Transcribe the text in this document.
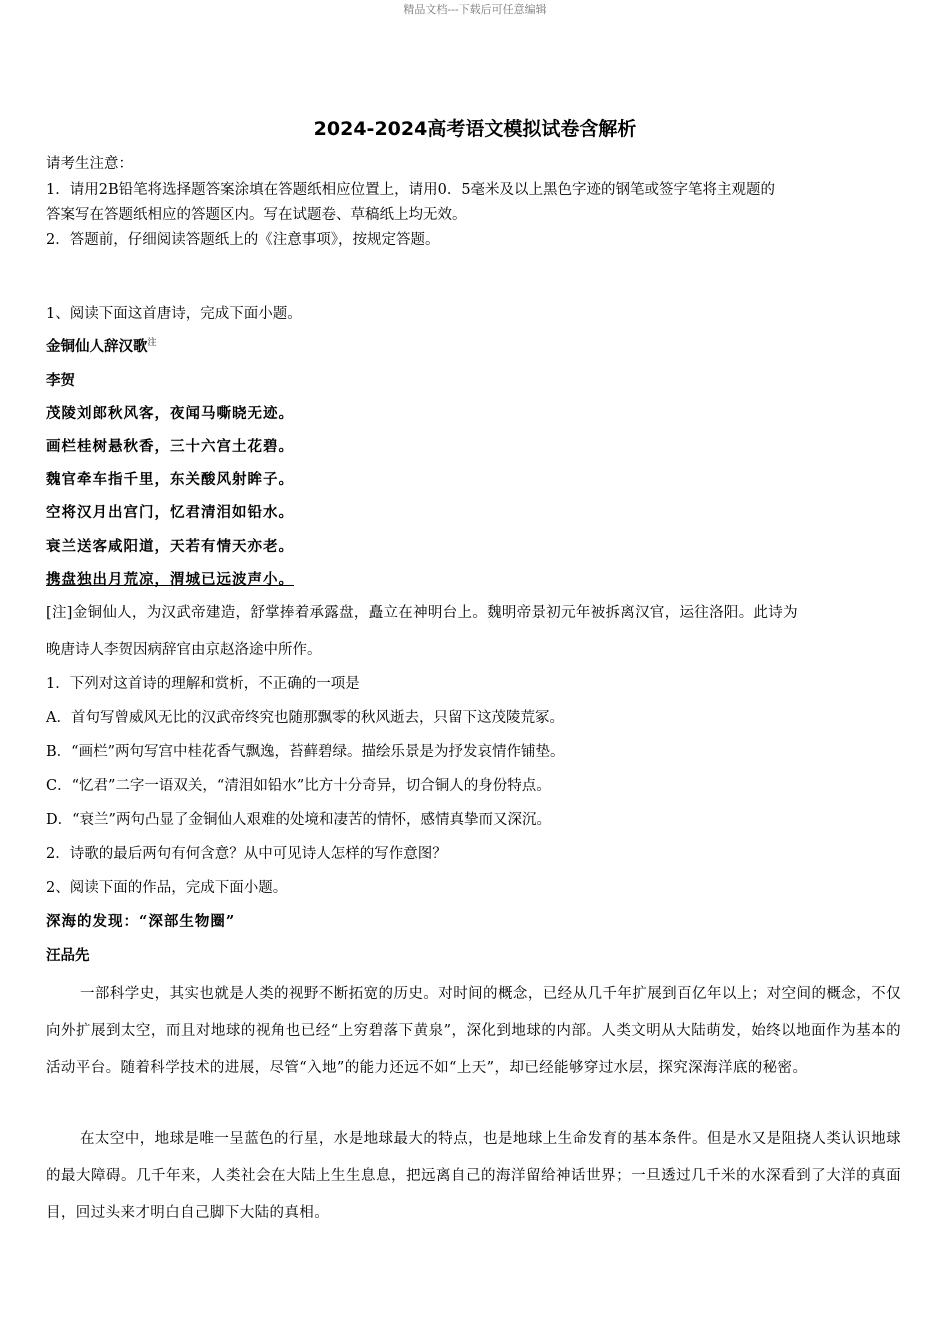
精品文档---下载后可任意编辑
2024-2024高考语文模拟试卷含解析
请考生注意：
1．请用2B铅笔将选择题答案涂填在答题纸相应位置上，请用0．5毫米及以上黑色字迹的钢笔或签字笔将主观题的
答案写在答题纸相应的答题区内。写在试题卷、草稿纸上均无效。
2．答题前，仔细阅读答题纸上的《注意事项》，按规定答题。
1、阅读下面这首唐诗，完成下面小题。
金铜仙人辞汉歌$^注$
李贺
茂陵刘郎秋风客，夜闻马嘶晓无迹。
画栏桂树悬秋香，三十六宫土花碧。
魏官牵车指千里，东关酸风射眸子。
空将汉月出宫门，忆君清泪如铅水。
衰兰送客咸阳道，天若有情天亦老。
携盘独出月荒凉，渭城已远波声小。
[注]金铜仙人，为汉武帝建造，舒掌捧着承露盘，矗立在神明台上。魏明帝景初元年被拆离汉官，运往洛阳。此诗为
晚唐诗人李贺因病辞官由京赵洛途中所作。
1．下列对这首诗的理解和赏析，不正确的一项是
A．首句写曾威风无比的汉武帝终究也随那飘零的秋风逝去，只留下这茂陵荒冢。
B．“画栏”两句写宫中桂花香气飘逸，苔藓碧绿。描绘乐景是为抒发哀情作铺垫。
C．“忆君”二字一语双关，“清泪如铅水”比方十分奇异，切合铜人的身份特点。
D．“衰兰”两句凸显了金铜仙人艰难的处境和凄苦的情怀，感情真挚而又深沉。
2．诗歌的最后两句有何含意？从中可见诗人怎样的写作意图？
2、阅读下面的作品，完成下面小题。
深海的发现：“深部生物圈”
汪品先
一部科学史，其实也就是人类的视野不断拓宽的历史。对时间的概念，已经从几千年扩展到百亿年以上；对空间的概念，不仅向外扩展到太空，而且对地球的视角也已经“上穷碧落下黄泉”，深化到地球的内部。人类文明从大陆萌发，始终以地面作为基本的活动平台。随着科学技术的进展，尽管“入地”的能力还远不如“上天”，却已经能够穿过水层，探究深海洋底的秘密。
在太空中，地球是唯一呈蓝色的行星，水是地球最大的特点，也是地球上生命发育的基本条件。但是水又是阻挠人类认识地球的最大障碍。几千年来，人类社会在大陆上生生息息，把远离自己的海洋留给神话世界；一旦透过几千米的水深看到了大洋的真面目，回过头来才明白自己脚下大陆的真相。
